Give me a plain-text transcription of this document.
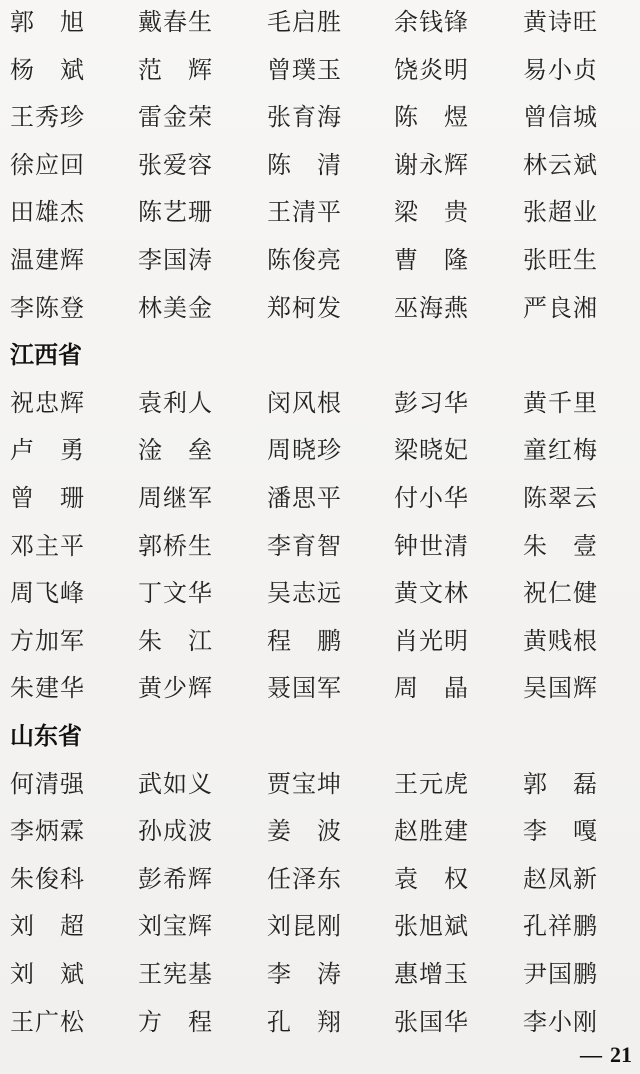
— 21
郭　旭	戴春生	毛启胜	余钱锋	黄诗旺
杨　斌	范　辉	曾璞玉	饶炎明	易小贞
王秀珍	雷金荣	张育海	陈　煜	曾信城
徐应回	张爱容	陈　清	谢永辉	林云斌
田雄杰	陈艺珊	王清平	梁　贵	张超业
温建辉	李国涛	陈俊亮	曹　隆	张旺生
李陈登	林美金	郑柯发	巫海燕	严良湘
江西省
祝忠辉	袁利人	闵风根	彭习华	黄千里
卢　勇	淦　垒	周晓珍	梁晓妃	童红梅
曾　珊	周继军	潘思平	付小华	陈翠云
邓主平	郭桥生	李育智	钟世清	朱　壹
周飞峰	丁文华	吴志远	黄文林	祝仁健
方加军	朱　江	程　鹏	肖光明	黄贱根
朱建华	黄少辉	聂国军	周　晶	吴国辉
山东省
何清强	武如义	贾宝坤	王元虎	郭　磊
李炳霖	孙成波	姜　波	赵胜建	李　嘎
朱俊科	彭希辉	任泽东	袁　权	赵凤新
刘　超	刘宝辉	刘昆刚	张旭斌	孔祥鹏
刘　斌	王宪基	李　涛	惠增玉	尹国鹏
王广松	方　程	孔　翔	张国华	李小刚
